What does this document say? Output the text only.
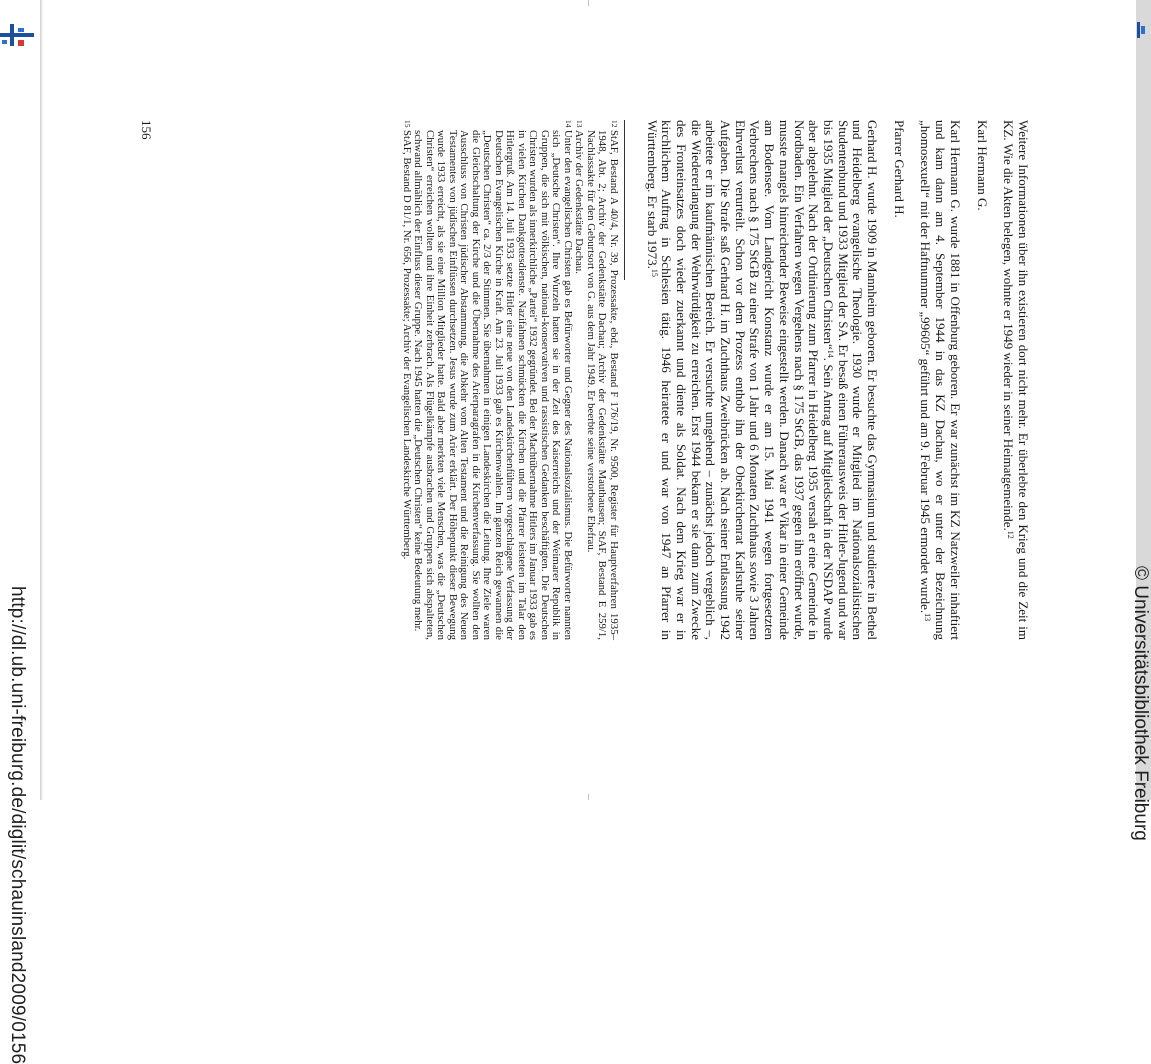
http://dl.ub.uni-freiburg.de/diglit/schauinsland2009/0156	© Universitätsbibliothek Freiburg

Weitere Informationen über ihn existieren dort nicht mehr. Er überlebte den Krieg und die Zeit im KZ. Wie die Akten belegen, wohnte er 1949 wieder in seiner Heimatgemeinde.$^{12}$

Karl Hermann G.

Karl Hermann G. wurde 1881 in Offenburg geboren. Er war zunächst im KZ Natzweiler inhaftiert und kam dann am 4. September 1944 in das KZ Dachau, wo er unter der Bezeichnung „homosexuell“ mit der Haftnummer „99605“ geführt und am 9. Februar 1945 ermordet wurde.$^{13}$

Pfarrer Gerhard H.

Gerhard H. wurde 1909 in Mannheim geboren. Er besuchte das Gymnasium und studierte in Bethel und Heidelberg evangelische Theologie. 1930 wurde er Mitglied im Nationalsozialistischen Studentenbund und 1933 Mitglied der SA. Er besaß einen Führerausweis der Hitler-Jugend und war bis 1935 Mitglied der „Deutschen Christen“$^{14}$. Sein Antrag auf Mitgliedschaft in der NSDAP wurde aber abgelehnt. Nach der Ordinierung zum Pfarrer in Heidelberg 1935 versah er eine Gemeinde in Nordbaden. Ein Verfahren wegen Vergehens nach § 175 StGB, das 1937 gegen ihn eröffnet wurde, musste mangels hinreichender Beweise eingestellt werden. Danach war er Vikar in einer Gemeinde am Bodensee. Vom Landgericht Konstanz wurde er am 15. Mai 1941 wegen fortgesetzten Verbrechens nach § 175 StGB zu einer Strafe von 1 Jahr und 6 Monaten Zuchthaus sowie 3 Jahren Ehrverlust verurteilt. Schon vor dem Prozess enthob ihn der Oberkirchenrat Karlsruhe seiner Aufgaben. Die Strafe saß Gerhard H. im Zuchthaus Zweibrücken ab. Nach seiner Entlassung 1942 arbeitete er im kaufmännischen Bereich. Er versuchte umgehend – zunächst jedoch vergeblich –, die Wiedererlangung der Wehrwürdigkeit zu erreichen. Erst 1944 bekam er sie dann zum Zwecke des Fronteinsatzes doch wieder zuerkannt und diente als Soldat. Nach dem Krieg war er in kirchlichem Auftrag in Schlesien tätig. 1946 heiratete er und war von 1947 an Pfarrer in Württemberg. Er starb 1973.15

12
StAF, Bestand A 40/4, Nr. 39, Prozessakte, ebd., Bestand F 176/19, Nr. 9500, Register für Hauptverfahren 1935–1948, Abt. 2; Archiv der Gedenkstätte Dachau; Archiv der Gedenkstätte Mauthausen; StAF, Bestand E 259/1, Nachlassakte für den Geburtsort von G. aus dem Jahr 1949. Er beerbte seine verstorbene Ehefrau.
13
Archiv der Gedenkstätte Dachau.
14
Unter den evangelischen Christen gab es Befürworter und Gegner des Nationalsozialismus. Die Befürworter nannten sich „Deutsche Christen“. Ihre Wurzeln hatten sie in der Zeit des Kaiserreichs und der Weimarer Republik in Gruppen, die sich mit völkischen, national-konservativen und rassistischen Gedanken beschäftigten. Die Deutschen Christen wurden als innerkirchliche „Partei“ 1932 gegründet. Bei der Machtübernahme Hitlers im Januar 1933 gab es in vielen Kirchen Dankgottesdienste. Nazifahnen schmückten die Kirchen und die Pfarrer leisteten im Talar den Hitlergruß. Am 14. Juli 1933 setzte Hitler eine neue von den Landeskirchenführern vorgeschlagene Verfassung der Deutschen Evangelischen Kirche in Kraft. Am 23. Juli 1933 gab es Kirchenwahlen. Im ganzen Reich gewannen die „Deutschen Christen“ ca. 2/3 der Stimmen. Sie übernahmen in einigen Landeskirchen die Leitung. Ihre Ziele waren die Gleichschaltung der Kirche und die Übernahme des Arierparagrafen in die Kirchenverfassung. Sie wollten den Ausschluss von Christen jüdischer Abstammung, die Abkehr vom Alten Testament und die Reinigung des Neuen Testamentes von jüdischen Einflüssen durchsetzen. Jesus wurde zum Arier erklärt. Der Höhepunkt dieser Bewegung wurde 1933 erreicht, als sie eine Million Mitglieder hatte. Bald aber merkten viele Menschen, was die „Deutschen Christen“ erreichen wollten und ihre Einheit zerbrach. Als Flügelkämpfe ausbrachen und Gruppen sich abspalteten, schwand allmählich der Einfluss dieser Gruppe. Nach 1945 hatten die „Deutschen Christen“ keine Bedeutung mehr.
15
StAF, Bestand D 81/1, Nr. 656, Prozessakte; Archiv der Evangelischen Landeskirche Württemberg.
156
